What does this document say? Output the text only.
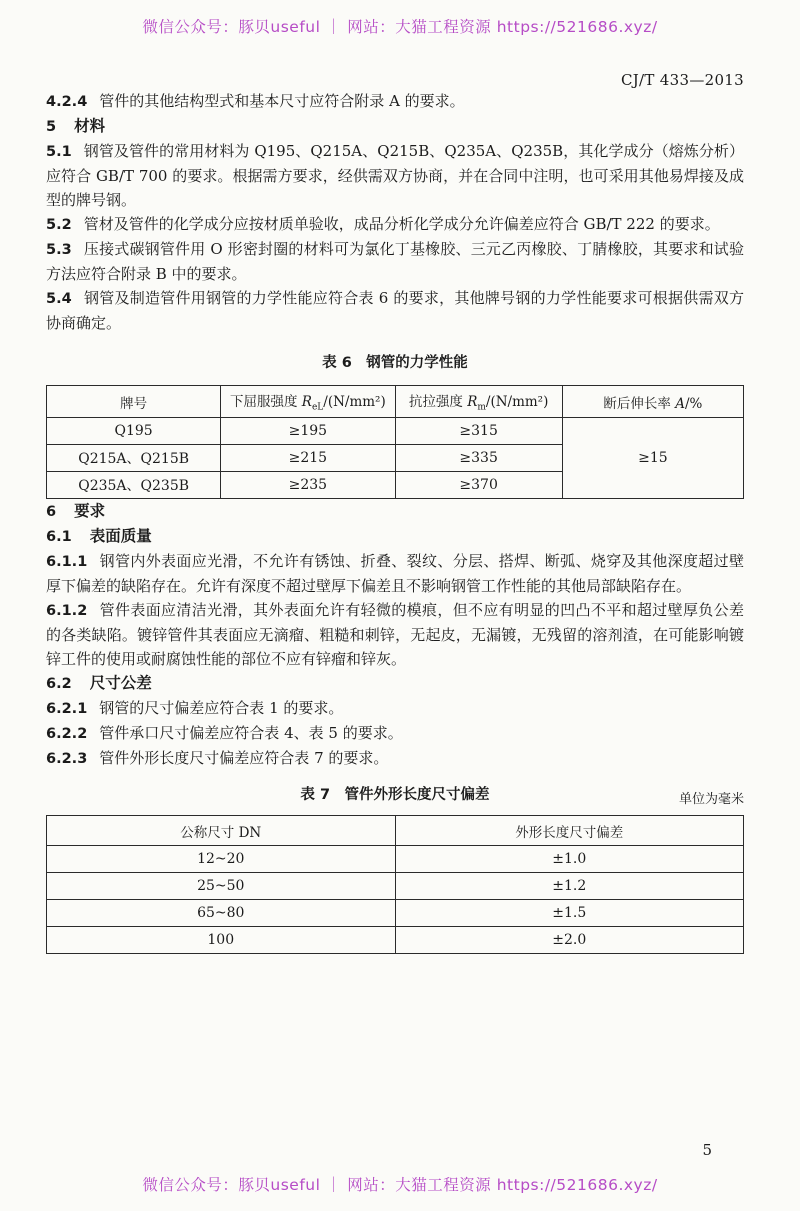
微信公众号：豚贝useful ｜ 网站：大猫工程资源 https://521686.xyz/
CJ/T 433—2013

4.2.4 管件的其他结构型式和基本尺寸应符合附录 A 的要求。

5 材料

5.1 钢管及管件的常用材料为 Q195、Q215A、Q215B、Q235A、Q235B，其化学成分（熔炼分析）应符合 GB/T 700 的要求。根据需方要求，经供需双方协商，并在合同中注明，也可采用其他易焊接及成型的牌号钢。

5.2 管材及管件的化学成分应按材质单验收，成品分析化学成分允许偏差应符合 GB/T 222 的要求。

5.3 压接式碳钢管件用 O 形密封圈的材料可为氯化丁基橡胶、三元乙丙橡胶、丁腈橡胶，其要求和试验方法应符合附录 B 中的要求。

5.4 钢管及制造管件用钢管的力学性能应符合表 6 的要求，其他牌号钢的力学性能要求可根据供需双方协商确定。

表 6　钢管的力学性能
牌号	下屈服强度 $R_{eL}/(N/mm^2)$	抗拉强度 $R_m/(N/mm^2)$	断后伸长率 A/%
Q195	≥195	≥315	≥15
Q215A、Q215B	≥215	≥335	
Q235A、Q235B	≥235	≥370	
6 要求
6.1 表面质量

6.1.1 钢管内外表面应光滑，不允许有锈蚀、折叠、裂纹、分层、搭焊、断弧、烧穿及其他深度超过壁厚下偏差的缺陷存在。允许有深度不超过壁厚下偏差且不影响钢管工作性能的其他局部缺陷存在。

6.1.2 管件表面应清洁光滑，其外表面允许有轻微的模痕，但不应有明显的凹凸不平和超过壁厚负公差的各类缺陷。镀锌管件其表面应无滴瘤、粗糙和刺锌，无起皮，无漏镀，无残留的溶剂渣，在可能影响镀锌工件的使用或耐腐蚀性能的部位不应有锌瘤和锌灰。

6.2 尺寸公差

6.2.1 钢管的尺寸偏差应符合表 1 的要求。

6.2.2 管件承口尺寸偏差应符合表 4、表 5 的要求。

6.2.3 管件外形长度尺寸偏差应符合表 7 的要求。

表 7　管件外形长度尺寸偏差	单位为毫米
公称尺寸 DN	外形长度尺寸偏差
12~20	±1.0
25~50	±1.2
65~80	±1.5
100	±2.0
5
微信公众号：豚贝useful ｜ 网站：大猫工程资源 https://521686.xyz/
